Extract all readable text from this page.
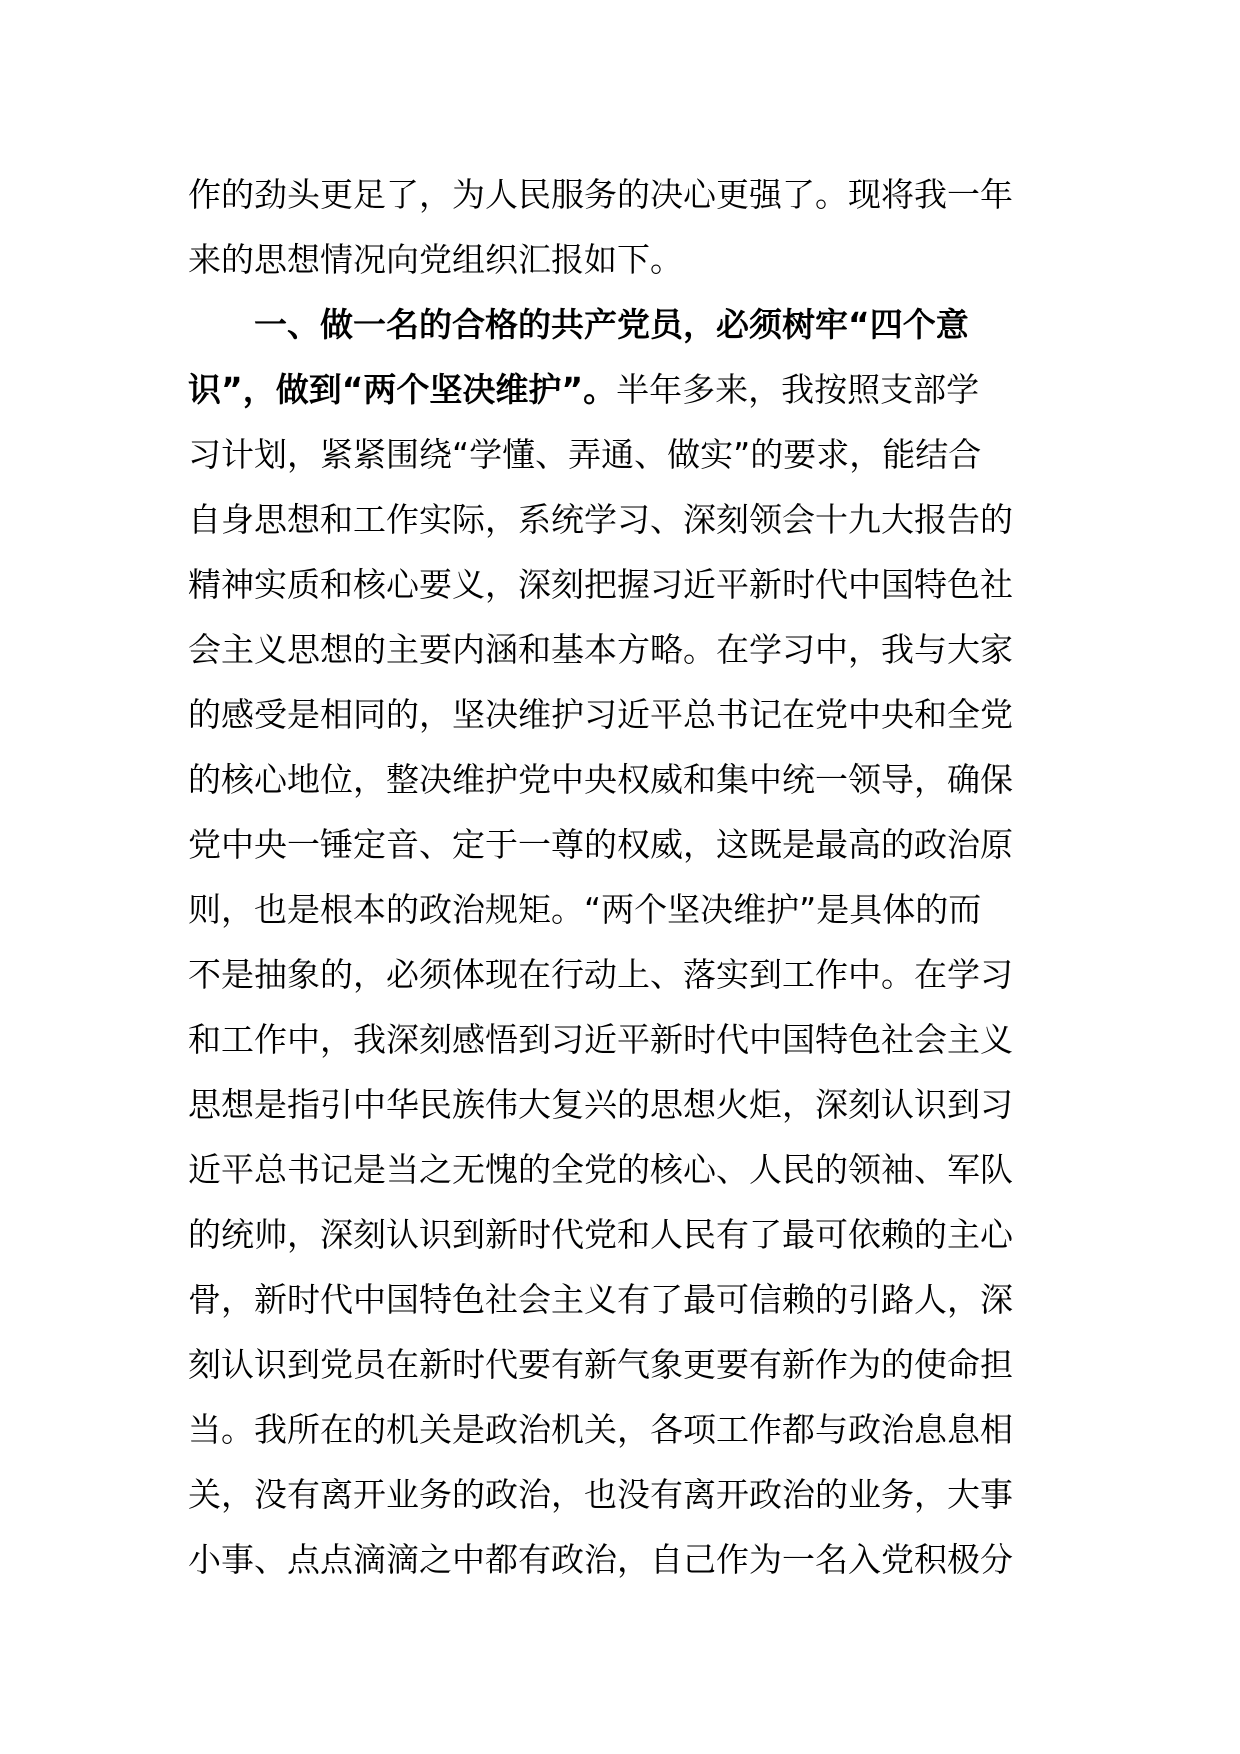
作的劲头更足了，为人民服务的决心更强了。现将我一年
来的思想情况向党组织汇报如下。
一、做一名的合格的共产党员，必须树牢“四个意
识”，做到“两个坚决维护”。半年多来，我按照支部学
习计划，紧紧围绕“学懂、弄通、做实”的要求，能结合
自身思想和工作实际，系统学习、深刻领会十九大报告的
精神实质和核心要义，深刻把握习近平新时代中国特色社
会主义思想的主要内涵和基本方略。在学习中，我与大家
的感受是相同的，坚决维护习近平总书记在党中央和全党
的核心地位，整决维护党中央权威和集中统一领导，确保
党中央一锤定音、定于一尊的权威，这既是最高的政治原
则，也是根本的政治规矩。“两个坚决维护”是具体的而
不是抽象的，必须体现在行动上、落实到工作中。在学习
和工作中，我深刻感悟到习近平新时代中国特色社会主义
思想是指引中华民族伟大复兴的思想火炬，深刻认识到习
近平总书记是当之无愧的全党的核心、人民的领袖、军队
的统帅，深刻认识到新时代党和人民有了最可依赖的主心
骨，新时代中国特色社会主义有了最可信赖的引路人，深
刻认识到党员在新时代要有新气象更要有新作为的使命担
当。我所在的机关是政治机关，各项工作都与政治息息相
关，没有离开业务的政治，也没有离开政治的业务，大事
小事、点点滴滴之中都有政治，自己作为一名入党积极分
